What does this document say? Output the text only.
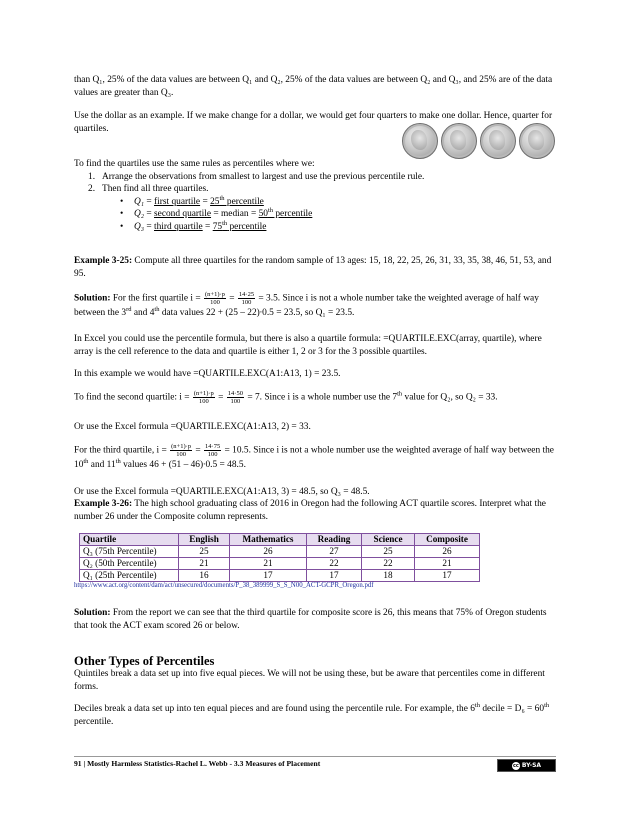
than Q₁, 25% of the data values are between Q₁ and Q₂, 25% of the data values are between Q₂ and Q₃, and 25% are of the data values are greater than Q₃.

Use the dollar as an example. If we make change for a dollar, we would get four quarters to make one dollar. Hence, quarter for quartiles.

To find the quartiles use the same rules as percentiles where we:

1. Arrange the observations from smallest to largest and use the previous percentile rule.
2. Then find all three quartiles.
• Q₁ = first quartile = 25th percentile
• Q₂ = second quartile = median = 50th percentile
• Q₃ = third quartile = 75th percentile

Example 3-25: Compute all three quartiles for the random sample of 13 ages: 15, 18, 22, 25, 26, 31, 33, 35, 38, 46, 51, 53, and 95.

Solution: For the first quartile $i = \frac{(n+1)\cdot p}{100} = \frac{14\cdot 25}{100} = 3.5$. Since i is not a whole number take the weighted average of half way between the 3rd and 4th data values 22 + (25 – 22)∙0.5 = 23.5, so Q₁ = 23.5.

In Excel you could use the percentile formula, but there is also a quartile formula: =QUARTILE.EXC(array, quartile), where array is the cell reference to the data and quartile is either 1, 2 or 3 for the 3 possible quartiles.

In this example we would have =QUARTILE.EXC(A1:A13, 1) = 23.5.

To find the second quartile: $i = \frac{(n+1)\cdot p}{100} = \frac{14\cdot 50}{100} = 7$. Since i is a whole number use the 7th value for Q₂, so Q₂ = 33.

Or use the Excel formula =QUARTILE.EXC(A1:A13, 2) = 33.

For the third quartile, $i = \frac{(n+1)\cdot p}{100} = \frac{14\cdot 75}{100} = 10.5$. Since i is not a whole number use the weighted average of half way between the 10th and 11th values 46 + (51 – 46)∙0.5 = 48.5.

Or use the Excel formula =QUARTILE.EXC(A1:A13, 3) = 48.5, so Q₃ = 48.5.

Example 3-26: The high school graduating class of 2016 in Oregon had the following ACT quartile scores. Interpret what the number 26 under the Composite column represents.

Quartile	English	Mathematics	Reading	Science	Composite
Q₃ (75th Percentile)	25	26	27	25	26
Q₂ (50th Percentile)	21	21	22	22	21
Q₁ (25th Percentile)	16	17	17	18	17
https://www.act.org/content/dam/act/unsecured/documents/P_38_389999_S_S_N00_ACT-GCPR_Oregon.pdf

Solution: From the report we can see that the third quartile for composite score is 26, this means that 75% of Oregon students that took the ACT exam scored 26 or below.

Other Types of Percentiles

Quintiles break a data set up into five equal pieces. We will not be using these, but be aware that percentiles come in different forms.

Deciles break a data set up into ten equal pieces and are found using the percentile rule. For example, the 6th decile = D₆ = 60th percentile.

91 | Mostly Harmless Statistics-Rachel L. Webb - 3.3 Measures of Placement	cc BY-SA
